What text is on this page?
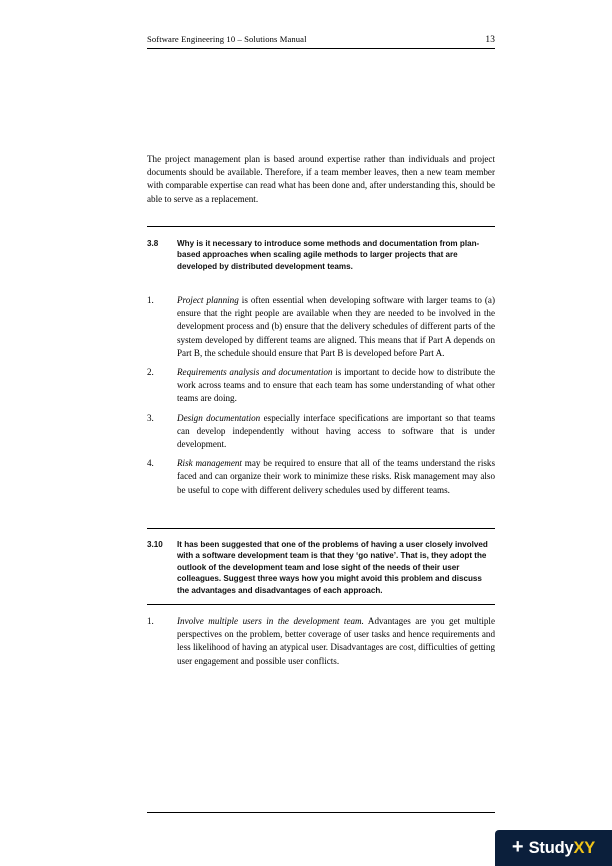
Software Engineering 10 – Solutions Manual	13

The project management plan is based around expertise rather than individuals and project documents should be available. Therefore, if a team member leaves, then a new team member with comparable expertise can read what has been done and, after understanding this, should be able to serve as a replacement.

3.8	Why is it necessary to introduce some methods and documentation from plan-based approaches when scaling agile methods to larger projects that are developed by distributed development teams.
1.	Project planning is often essential when developing software with larger teams to (a) ensure that the right people are available when they are needed to be involved in the development process and (b) ensure that the delivery schedules of different parts of the system developed by different teams are aligned. This means that if Part A depends on Part B, the schedule should ensure that Part B is developed before Part A.
2.	Requirements analysis and documentation is important to decide how to distribute the work across teams and to ensure that each team has some understanding of what other teams are doing.
3.	Design documentation especially interface specifications are important so that teams can develop independently without having access to software that is under development.
4.	Risk management may be required to ensure that all of the teams understand the risks faced and can organize their work to minimize these risks. Risk management may also be useful to cope with different delivery schedules used by different teams.
3.10	It has been suggested that one of the problems of having a user closely involved with a software development team is that they ‘go native’. That is, they adopt the outlook of the development team and lose sight of the needs of their user colleagues. Suggest three ways how you might avoid this problem and discuss the advantages and disadvantages of each approach.
1.	Involve multiple users in the development team. Advantages are you get multiple perspectives on the problem, better coverage of user tasks and hence requirements and less likelihood of having an atypical user. Disadvantages are cost, difficulties of getting user engagement and possible user conflicts.
+ StudyXY
